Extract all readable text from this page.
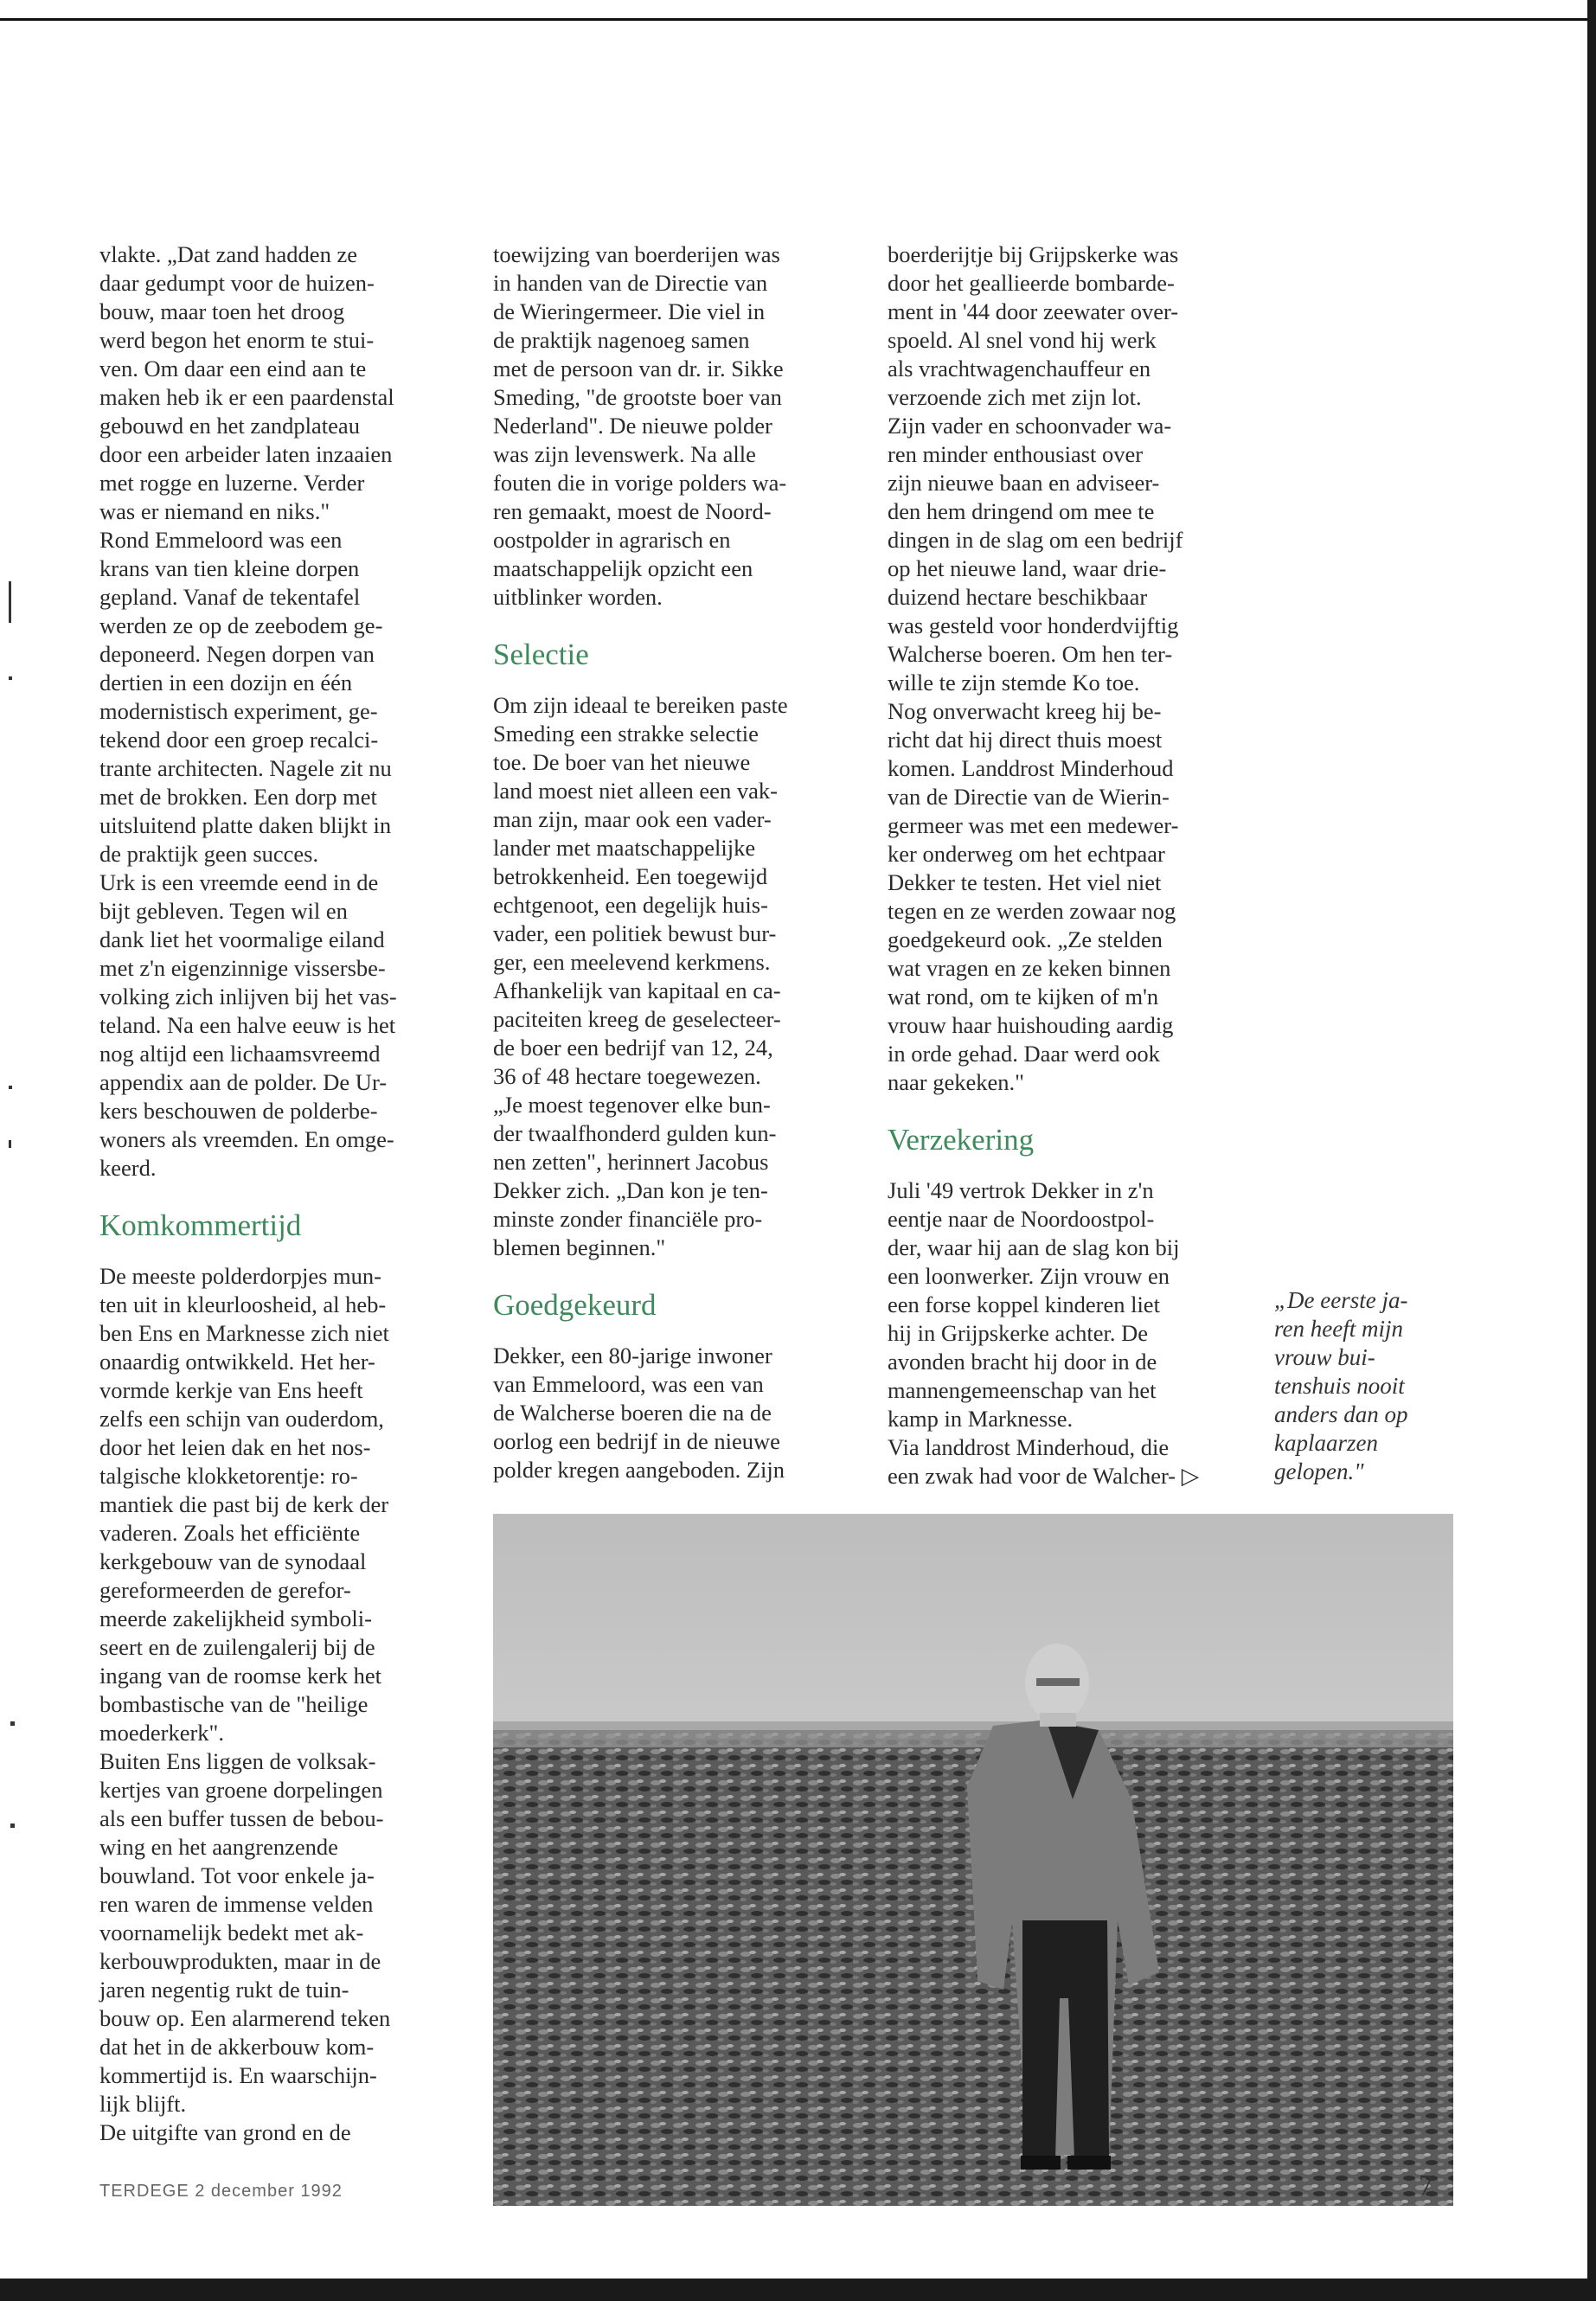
vlakte. „Dat zand hadden ze
daar gedumpt voor de huizen-
bouw, maar toen het droog
werd begon het enorm te stui-
ven. Om daar een eind aan te
maken heb ik er een paardenstal
gebouwd en het zandplateau
door een arbeider laten inzaaien
met rogge en luzerne. Verder
was er niemand en niks."
Rond Emmeloord was een
krans van tien kleine dorpen
gepland. Vanaf de tekentafel
werden ze op de zeebodem ge-
deponeerd. Negen dorpen van
dertien in een dozijn en één
modernistisch experiment, ge-
tekend door een groep recalci-
trante architecten. Nagele zit nu
met de brokken. Een dorp met
uitsluitend platte daken blijkt in
de praktijk geen succes.
Urk is een vreemde eend in de
bijt gebleven. Tegen wil en
dank liet het voormalige eiland
met z'n eigenzinnige vissersbe-
volking zich inlijven bij het vas-
teland. Na een halve eeuw is het
nog altijd een lichaamsvreemd
appendix aan de polder. De Ur-
kers beschouwen de polderbe-
woners als vreemden. En omge-
keerd.

Komkommertijd

De meeste polderdorpjes mun-
ten uit in kleurloosheid, al heb-
ben Ens en Marknesse zich niet
onaardig ontwikkeld. Het her-
vormde kerkje van Ens heeft
zelfs een schijn van ouderdom,
door het leien dak en het nos-
talgische klokketorentje: ro-
mantiek die past bij de kerk der
vaderen. Zoals het efficiënte
kerkgebouw van de synodaal
gereformeerden de gerefor-
meerde zakelijkheid symboli-
seert en de zuilengalerij bij de
ingang van de roomse kerk het
bombastische van de "heilige
moederkerk".
Buiten Ens liggen de volksak-
kertjes van groene dorpelingen
als een buffer tussen de bebou-
wing en het aangrenzende
bouwland. Tot voor enkele ja-
ren waren de immense velden
voornamelijk bedekt met ak-
kerbouwprodukten, maar in de
jaren negentig rukt de tuin-
bouw op. Een alarmerend teken
dat het in de akkerbouw kom-
kommertijd is. En waarschijn-
lijk blijft.
De uitgifte van grond en de

toewijzing van boerderijen was
in handen van de Directie van
de Wieringermeer. Die viel in
de praktijk nagenoeg samen
met de persoon van dr. ir. Sikke
Smeding, "de grootste boer van
Nederland". De nieuwe polder
was zijn levenswerk. Na alle
fouten die in vorige polders wa-
ren gemaakt, moest de Noord-
oostpolder in agrarisch en
maatschappelijk opzicht een
uitblinker worden.

Selectie

Om zijn ideaal te bereiken paste
Smeding een strakke selectie
toe. De boer van het nieuwe
land moest niet alleen een vak-
man zijn, maar ook een vader-
lander met maatschappelijke
betrokkenheid. Een toegewijd
echtgenoot, een degelijk huis-
vader, een politiek bewust bur-
ger, een meelevend kerkmens.
Afhankelijk van kapitaal en ca-
paciteiten kreeg de geselecteer-
de boer een bedrijf van 12, 24,
36 of 48 hectare toegewezen.
„Je moest tegenover elke bun-
der twaalfhonderd gulden kun-
nen zetten", herinnert Jacobus
Dekker zich. „Dan kon je ten-
minste zonder financiële pro-
blemen beginnen."

Goedgekeurd

Dekker, een 80-jarige inwoner
van Emmeloord, was een van
de Walcherse boeren die na de
oorlog een bedrijf in de nieuwe
polder kregen aangeboden. Zijn

boerderijtje bij Grijpskerke was
door het geallieerde bombarde-
ment in '44 door zeewater over-
spoeld. Al snel vond hij werk
als vrachtwagenchauffeur en
verzoende zich met zijn lot.
Zijn vader en schoonvader wa-
ren minder enthousiast over
zijn nieuwe baan en adviseer-
den hem dringend om mee te
dingen in de slag om een bedrijf
op het nieuwe land, waar drie-
duizend hectare beschikbaar
was gesteld voor honderdvijftig
Walcherse boeren. Om hen ter-
wille te zijn stemde Ko toe.
Nog onverwacht kreeg hij be-
richt dat hij direct thuis moest
komen. Landdrost Minderhoud
van de Directie van de Wierin-
germeer was met een medewer-
ker onderweg om het echtpaar
Dekker te testen. Het viel niet
tegen en ze werden zowaar nog
goedgekeurd ook. „Ze stelden
wat vragen en ze keken binnen
wat rond, om te kijken of m'n
vrouw haar huishouding aardig
in orde gehad. Daar werd ook
naar gekeken."

Verzekering

Juli '49 vertrok Dekker in z'n
eentje naar de Noordoostpol-
der, waar hij aan de slag kon bij
een loonwerker. Zijn vrouw en
een forse koppel kinderen liet
hij in Grijpskerke achter. De
avonden bracht hij door in de
mannengemeenschap van het
kamp in Marknesse.
Via landdrost Minderhoud, die
een zwak had voor de Walcher- ▷

„De eerste ja-
ren heeft mijn
vrouw bui-
tenshuis nooit
anders dan op
kaplaarzen
gelopen."
TERDEGE 2 december 1992	7
